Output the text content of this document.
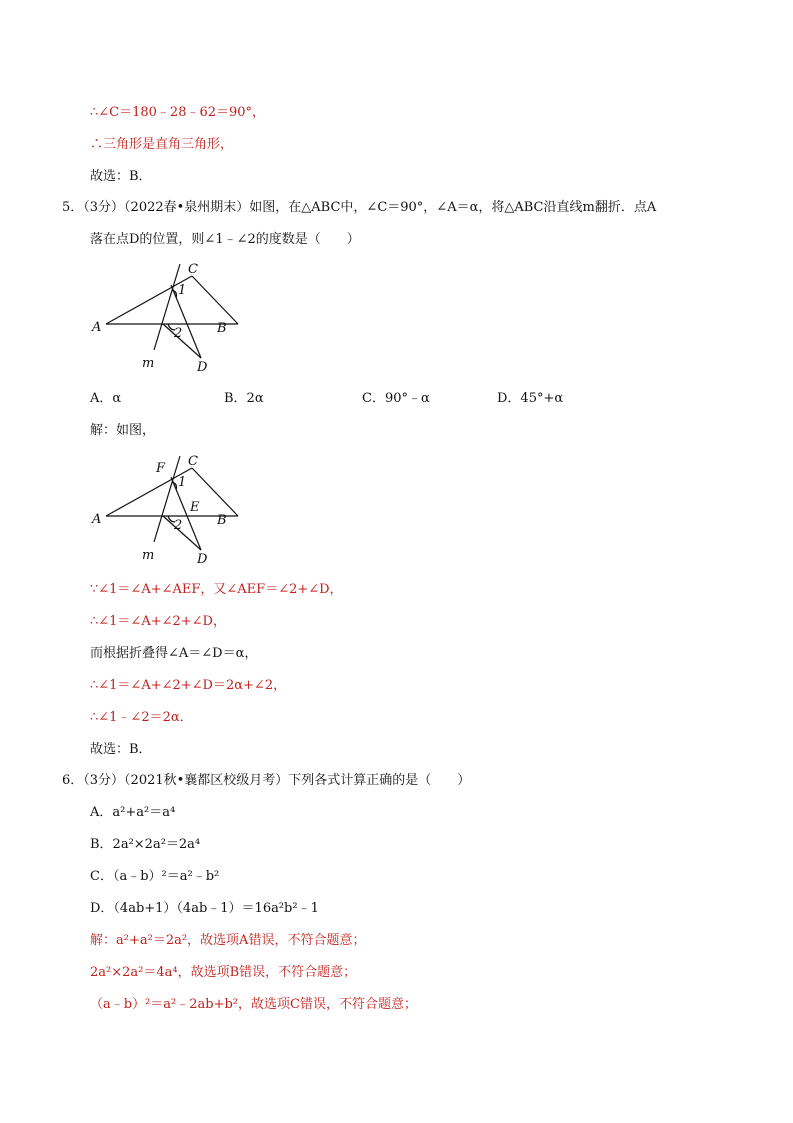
∴∠C＝180﹣28﹣62＝90°，
∴三角形是直角三角形，
故选：B．
5．（3分）（2022春•泉州期末）如图，在△ABC中，∠C＝90°，∠A＝α，将△ABC沿直线m翻折．点A
落在点D的位置，则∠1﹣∠2的度数是（　　）
C
1
A	2	B
m	D
A．α	B．2α	C．90°﹣α	D．45°+α
解：如图，
F C
1
E
A	2	B
m	D
∵∠1＝∠A+∠AEF，又∠AEF＝∠2+∠D，
∴∠1＝∠A+∠2+∠D，
而根据折叠得∠A＝∠D＝α，
∴∠1＝∠A+∠2+∠D＝2α+∠2，
∴∠1﹣∠2＝2α．
故选：B．
6．（3分）（2021秋•襄都区校级月考）下列各式计算正确的是（　　）
A．a²+a²＝a⁴
B．2a²×2a²＝2a⁴
C．（a﹣b）²＝a²﹣b²
D．（4ab+1）（4ab﹣1）＝16a²b²﹣1
解：a²+a²＝2a²，故选项A错误，不符合题意；
2a²×2a²＝4a⁴，故选项B错误，不符合题意；
（a﹣b）²＝a²﹣2ab+b²，故选项C错误，不符合题意；
